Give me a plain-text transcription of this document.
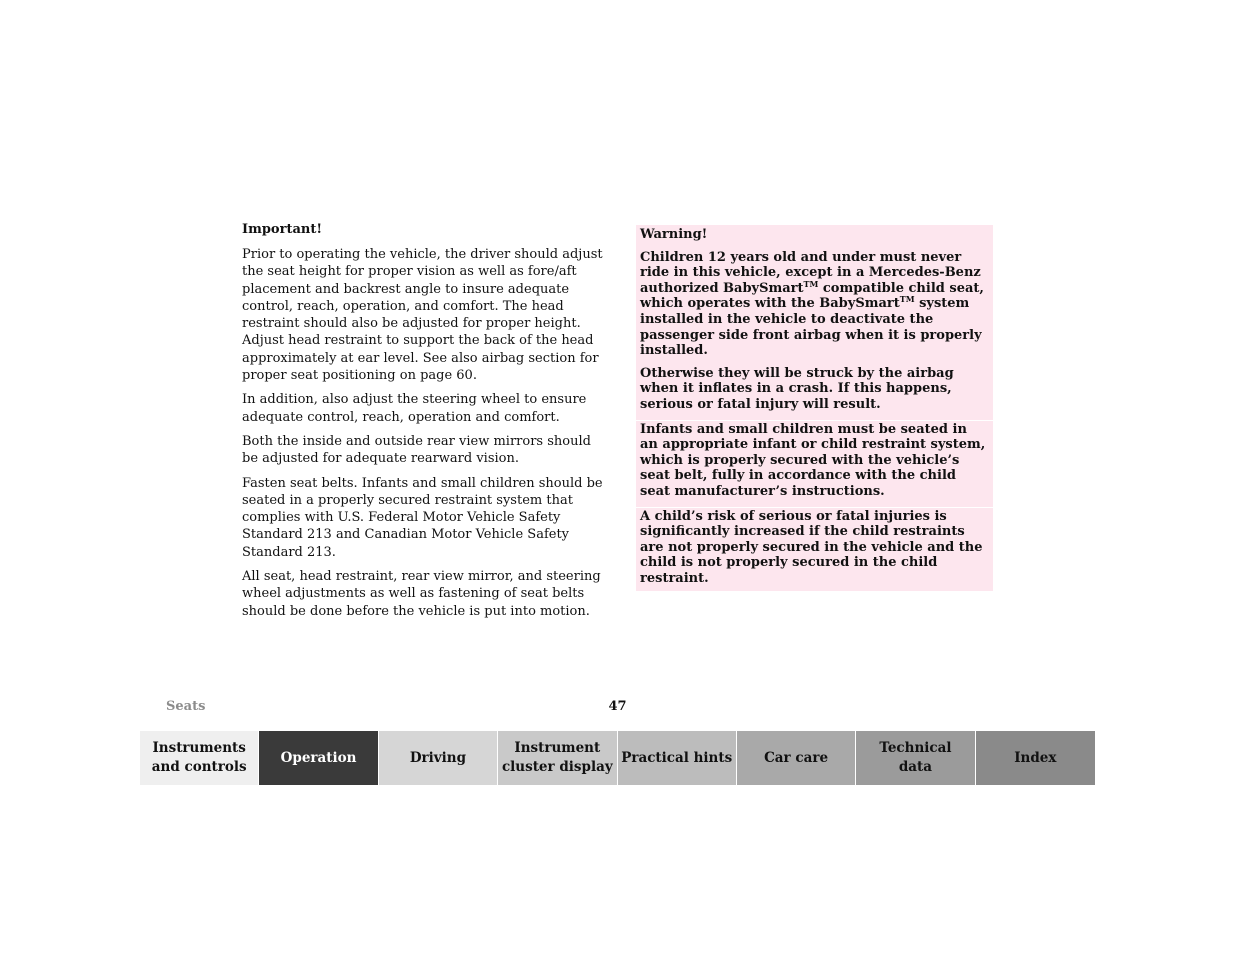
Important!

Prior to operating the vehicle, the driver should adjust the seat height for proper vision as well as fore/aft placement and backrest angle to insure adequate control, reach, operation, and comfort. The head restraint should also be adjusted for proper height. Adjust head restraint to support the back of the head approximately at ear level. See also airbag section for proper seat positioning on page 60.

In addition, also adjust the steering wheel to ensure adequate control, reach, operation and comfort.

Both the inside and outside rear view mirrors should be adjusted for adequate rearward vision.

Fasten seat belts. Infants and small children should be seated in a properly secured restraint system that complies with U.S. Federal Motor Vehicle Safety Standard 213 and Canadian Motor Vehicle Safety Standard 213.

All seat, head restraint, rear view mirror, and steering wheel adjustments as well as fastening of seat belts should be done before the vehicle is put into motion.

Warning!
Children 12 years old and under must never ride in this vehicle, except in a Mercedes-Benz authorized BabySmart™ compatible child seat, which operates with the BabySmart™ system installed in the vehicle to deactivate the passenger side front airbag when it is properly installed.
Otherwise they will be struck by the airbag when it inflates in a crash. If this happens, serious or fatal injury will result.
Infants and small children must be seated in an appropriate infant or child restraint system, which is properly secured with the vehicle’s seat belt, fully in accordance with the child seat manufacturer’s instructions.
A child’s risk of serious or fatal injuries is significantly increased if the child restraints are not properly secured in the vehicle and the child is not properly secured in the child restraint.
Seats	47
Instruments
and controls
Operation	Driving
Instrument
cluster display
Practical hints	Car care
Technical
data
Index
